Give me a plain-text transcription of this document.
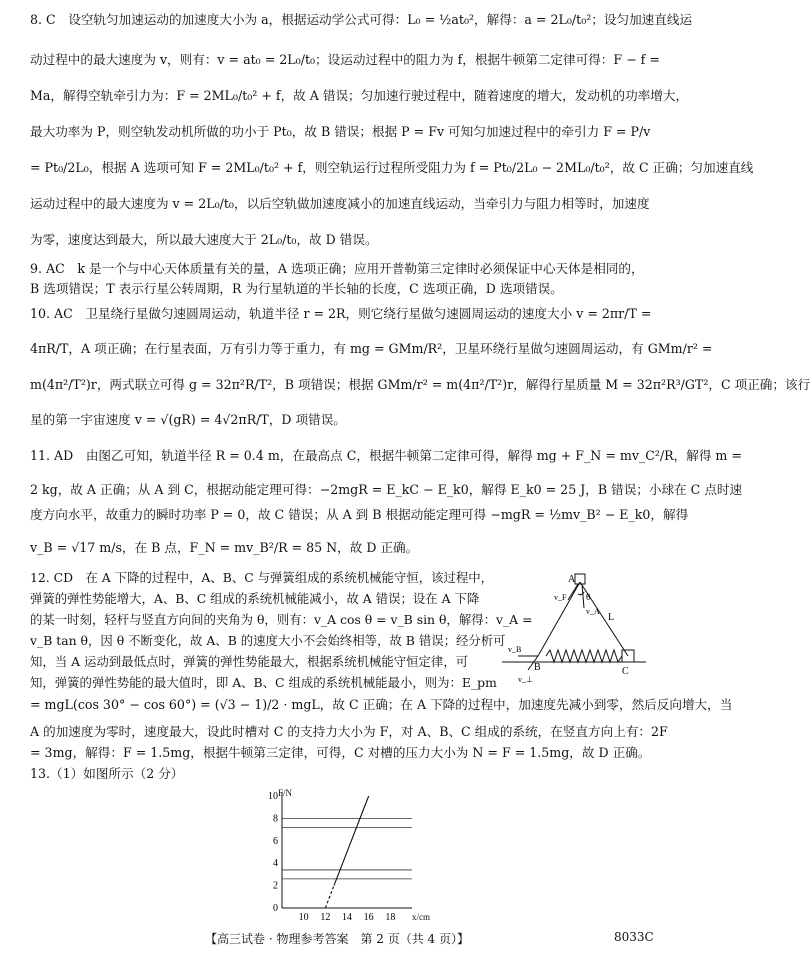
8. C　设空轨匀加速运动的加速度大小为 a，根据运动学公式可得：L₀ = ½at₀²，解得：a = 2L₀/t₀²；设匀加速直线运
动过程中的最大速度为 v，则有：v = at₀ = 2L₀/t₀；设运动过程中的阻力为 f，根据牛顿第二定律可得：F − f =
Ma，解得空轨牵引力为：F = 2ML₀/t₀² + f，故 A 错误；匀加速行驶过程中，随着速度的增大，发动机的功率增大，
最大功率为 P，则空轨发动机所做的功小于 Pt₀，故 B 错误；根据 P = Fv 可知匀加速过程中的牵引力 F = P/v
= Pt₀/2L₀，根据 A 选项可知 F = 2ML₀/t₀² + f，则空轨运行过程所受阻力为 f = Pt₀/2L₀ − 2ML₀/t₀²，故 C 正确；匀加速直线
运动过程中的最大速度为 v = 2L₀/t₀，以后空轨做加速度减小的加速直线运动，当牵引力与阻力相等时，加速度
为零，速度达到最大，所以最大速度大于 2L₀/t₀，故 D 错误。
9. AC　k 是一个与中心天体质量有关的量，A 选项正确；应用开普勒第三定律时必须保证中心天体是相同的，
B 选项错误；T 表示行星公转周期，R 为行星轨道的半长轴的长度，C 选项正确，D 选项错误。
10. AC　卫星绕行星做匀速圆周运动，轨道半径 r = 2R，则它绕行星做匀速圆周运动的速度大小 v = 2πr/T =
4πR/T，A 项正确；在行星表面，万有引力等于重力，有 mg = GMm/R²，卫星环绕行星做匀速圆周运动，有 GMm/r² =
m(4π²/T²)r，两式联立可得 g = 32π²R/T²，B 项错误；根据 GMm/r² = m(4π²/T²)r，解得行星质量 M = 32π²R³/GT²，C 项正确；该行
星的第一宇宙速度 v = √(gR) = 4√2πR/T，D 项错误。
11. AD　由图乙可知，轨道半径 R = 0.4 m，在最高点 C，根据牛顿第二定律可得，解得 mg + F_N = mv_C²/R，解得 m =
2 kg，故 A 正确；从 A 到 C，根据动能定理可得：−2mgR = E_kC − E_k0，解得 E_k0 = 25 J，B 错误；小球在 C 点时速
度方向水平，故重力的瞬时功率 P = 0，故 C 错误；从 A 到 B 根据动能定理可得 −mgR = ½mv_B² − E_k0，解得
v_B = √17 m/s，在 B 点，F_N = mv_B²/R = 85 N，故 D 正确。
12. CD　在 A 下降的过程中，A、B、C 与弹簧组成的系统机械能守恒，该过程中，
弹簧的弹性势能增大，A、B、C 组成的系统机械能减小，故 A 错误；设在 A 下降
的某一时刻，轻杆与竖直方向间的夹角为 θ，则有：v_A cos θ = v_B sin θ，解得：v_A =
v_B tan θ，因 θ 不断变化，故 A、B 的速度大小不会始终相等，故 B 错误；经分析可
知，当 A 运动到最低点时，弹簧的弹性势能最大，根据系统机械能守恒定律，可
知，弹簧的弹性势能的最大值时，即 A、B、C 组成的系统机械能最小，则为：E_pm
= mgL(cos 30° − cos 60°) = (√3 − 1)/2 · mgL，故 C 正确；在 A 下降的过程中，加速度先减小到零，然后反向增大，当
A 的加速度为零时，速度最大，设此时槽对 C 的支持力大小为 F，对 A、B、C 组成的系统，在竖直方向上有：2F
= 3mg，解得：F = 1.5mg，根据牛顿第三定律，可得，C 对槽的压力大小为 N = F = 1.5mg，故 D 正确。
13.（1）如图所示（2 分）
A
B	C
L
θ
v_A
v_B
v_F
v_⊥
F/N
x/cm
0
2
4
6
8
10
10 12 14 16 18
【高三试卷 · 物理参考答案　第 2 页（共 4 页）】	8033C
